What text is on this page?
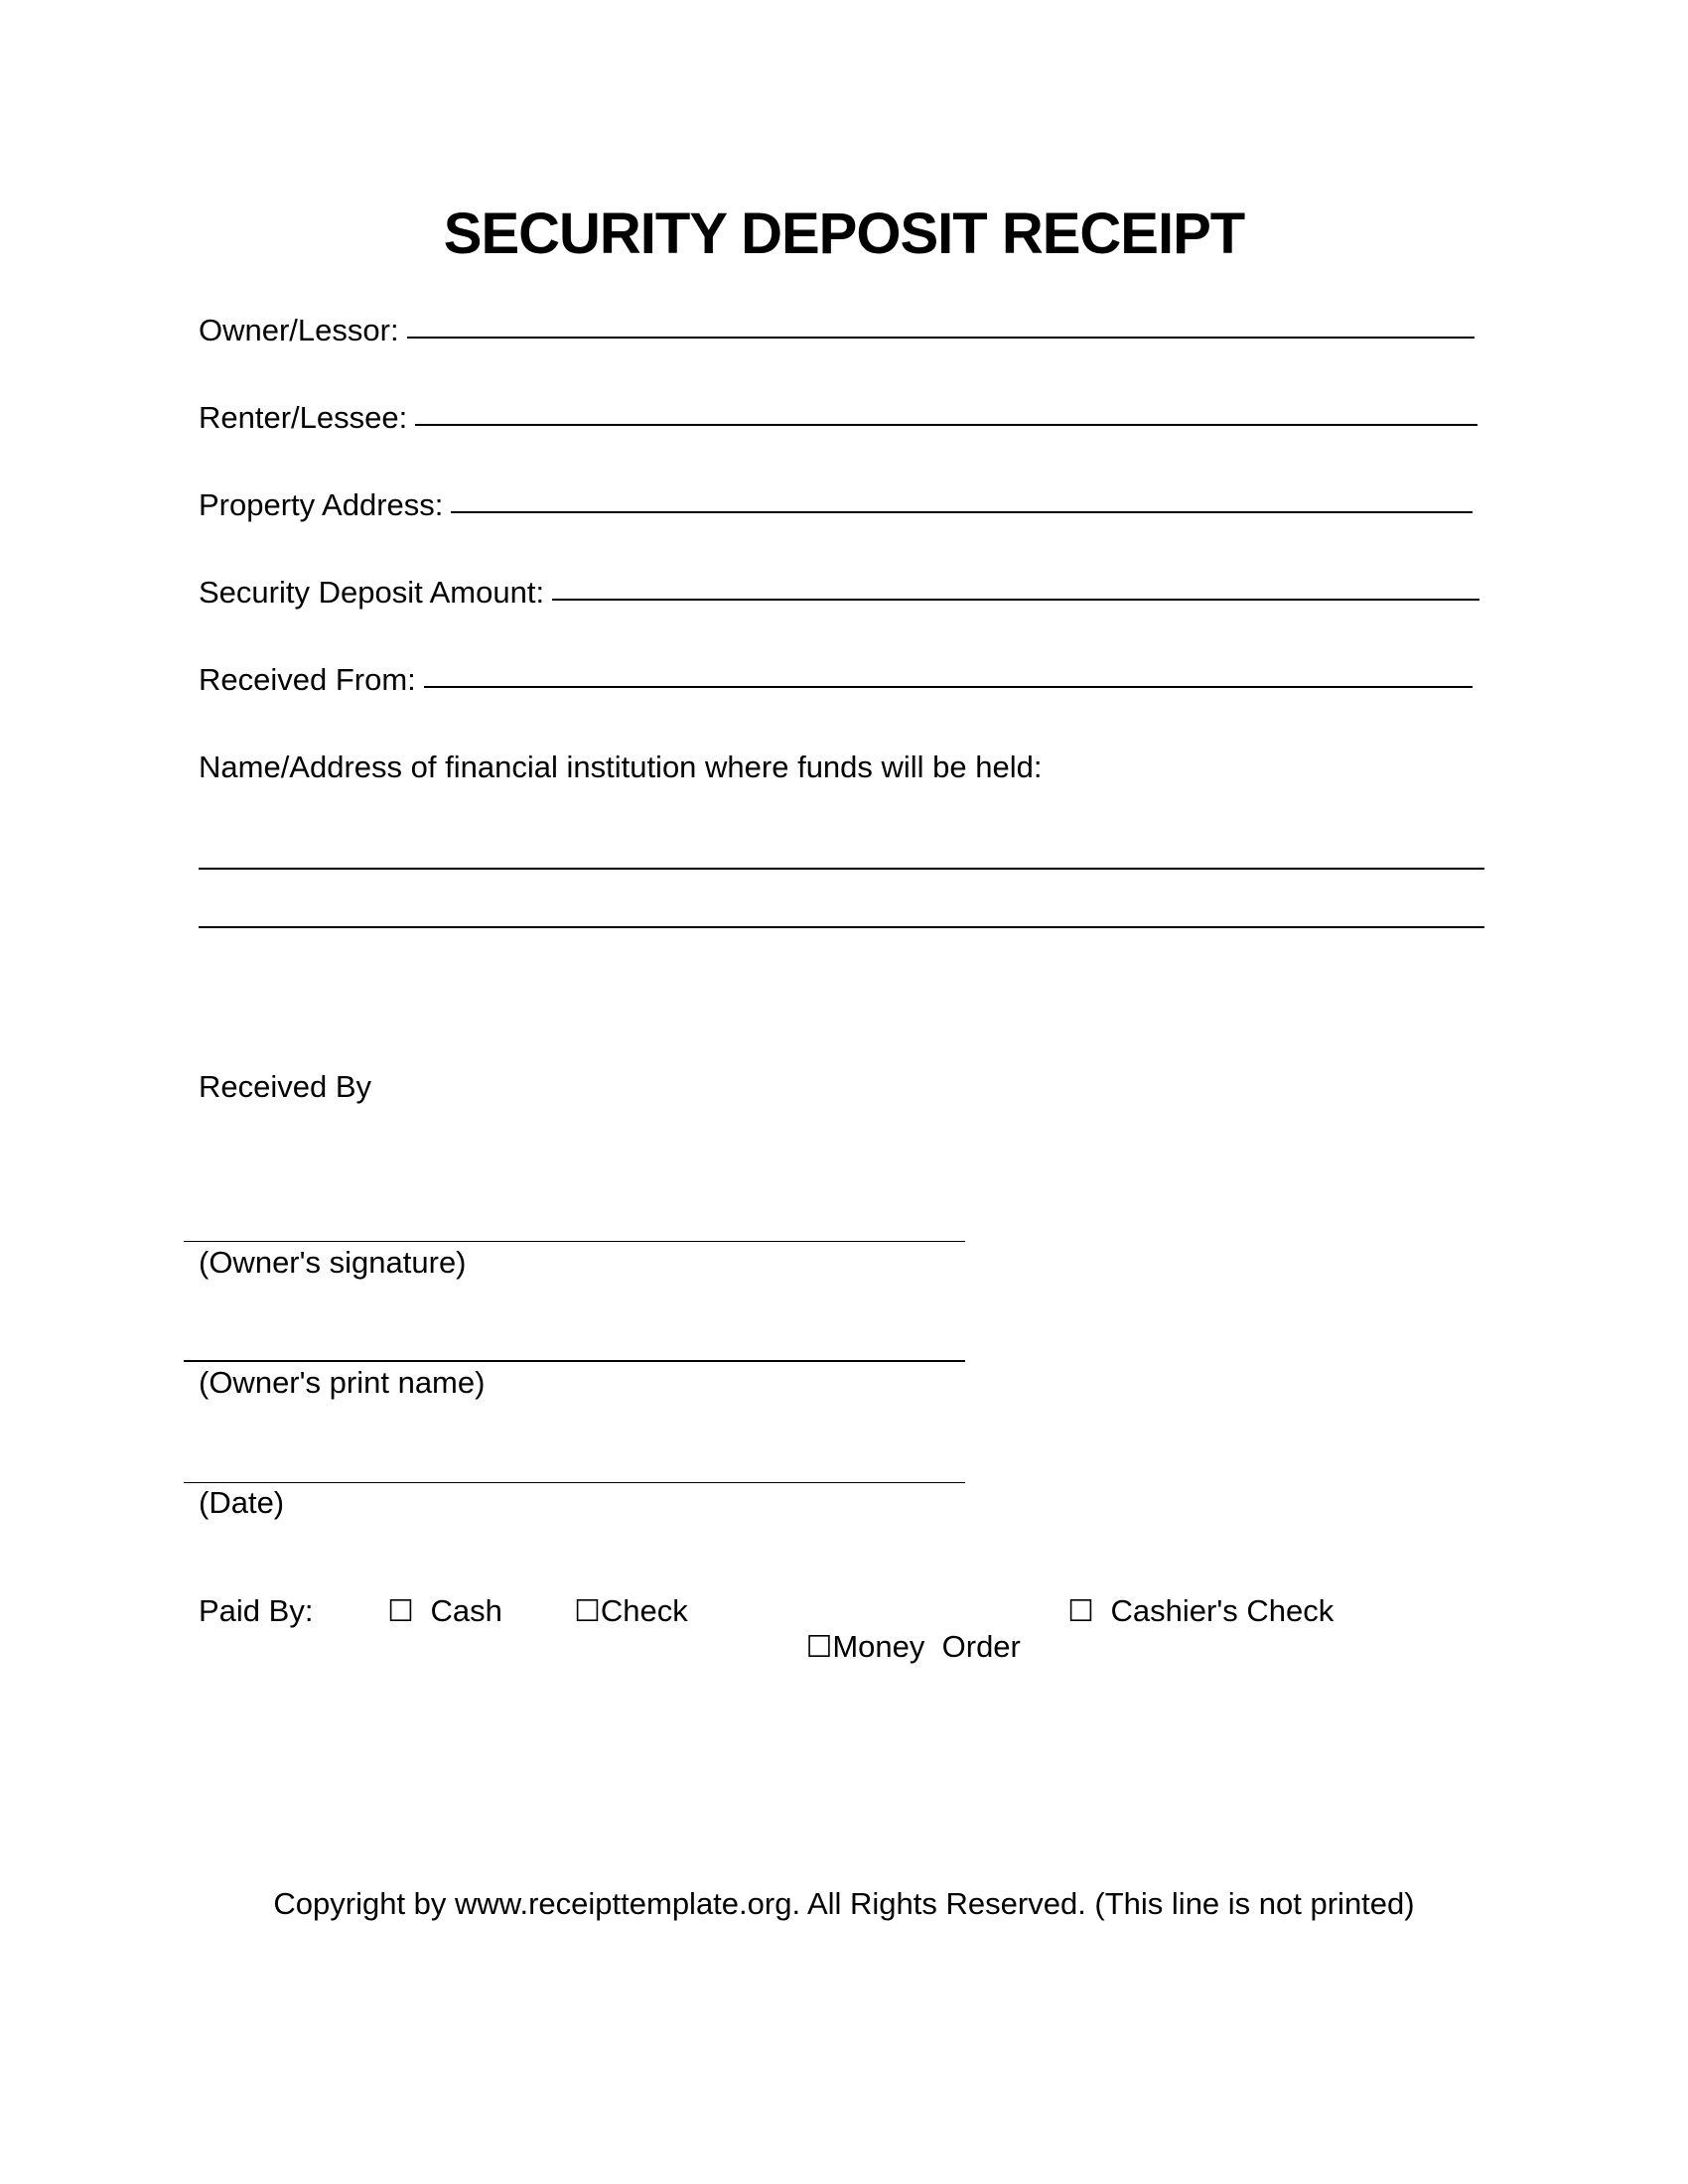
SECURITY DEPOSIT RECEIPT
Owner/Lessor:
Renter/Lessee:
Property Address:
Security Deposit Amount:
Received From:
Name/Address of financial institution where funds will be held:
Received By
(Owner's signature)
(Owner's print name)
(Date)
Paid By: ☐ Cash ☐Check

☐Money  Order

☐ Cashier's Check
Copyright by www.receipttemplate.org. All Rights Reserved. (This line is not printed)
